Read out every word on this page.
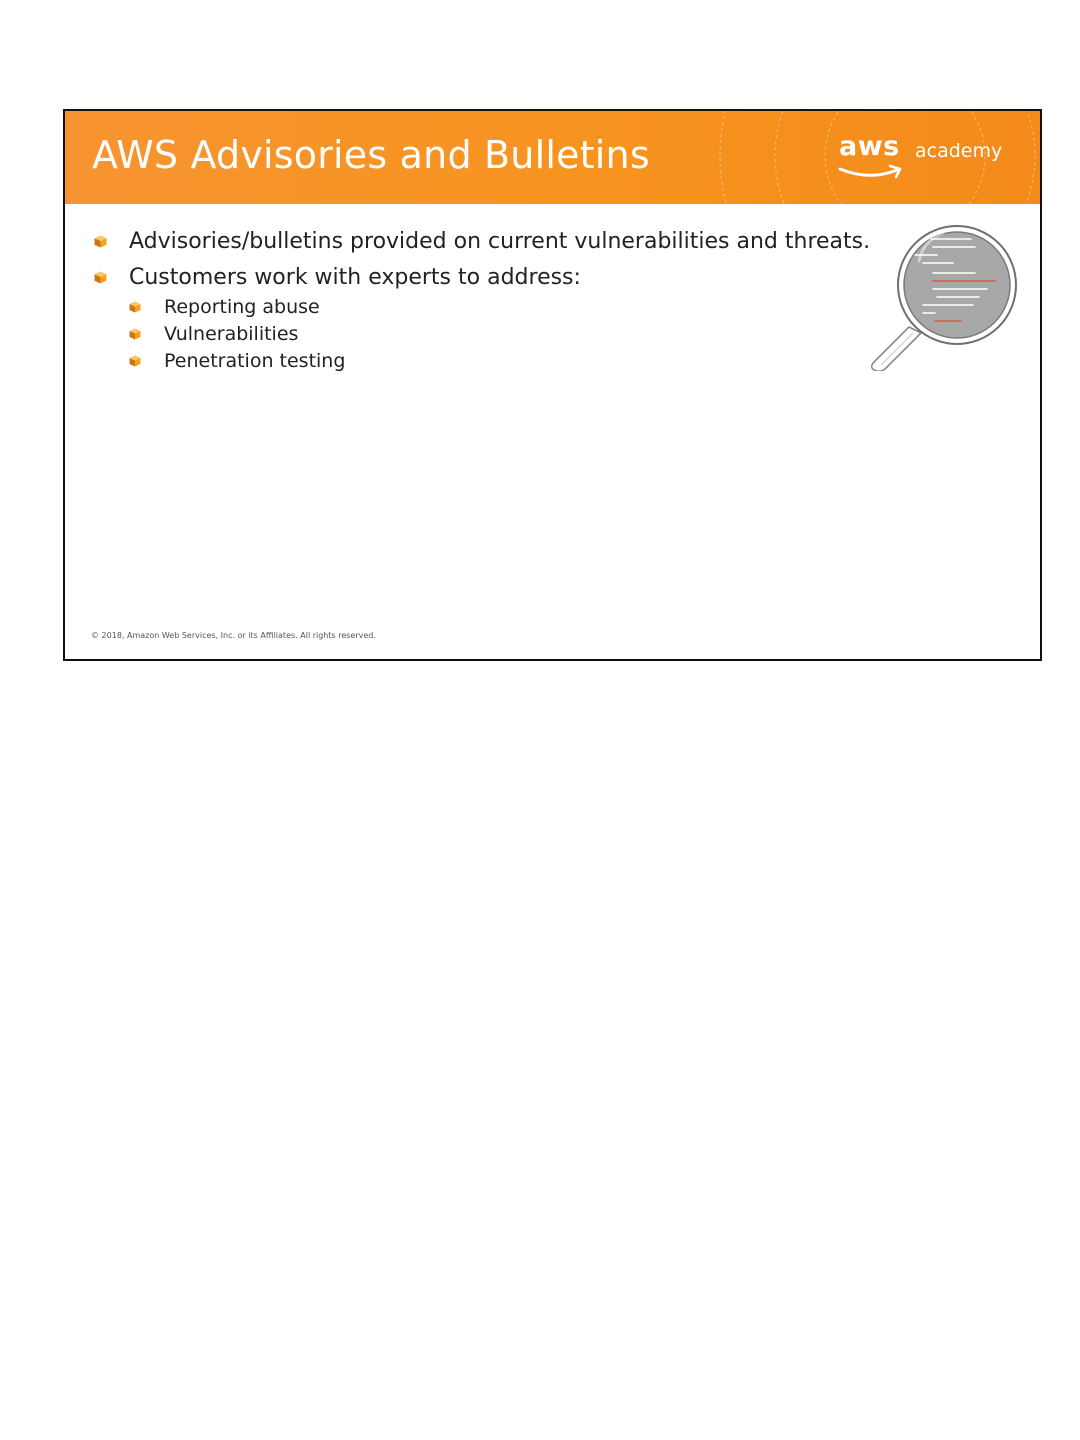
AWS Advisories and Bulletins	aws academy
Advisories/bulletins provided on current vulnerabilities and threats.
Customers work with experts to address:
Reporting abuse
Vulnerabilities
Penetration testing
© 2018, Amazon Web Services, Inc. or its Affiliates. All rights reserved.
